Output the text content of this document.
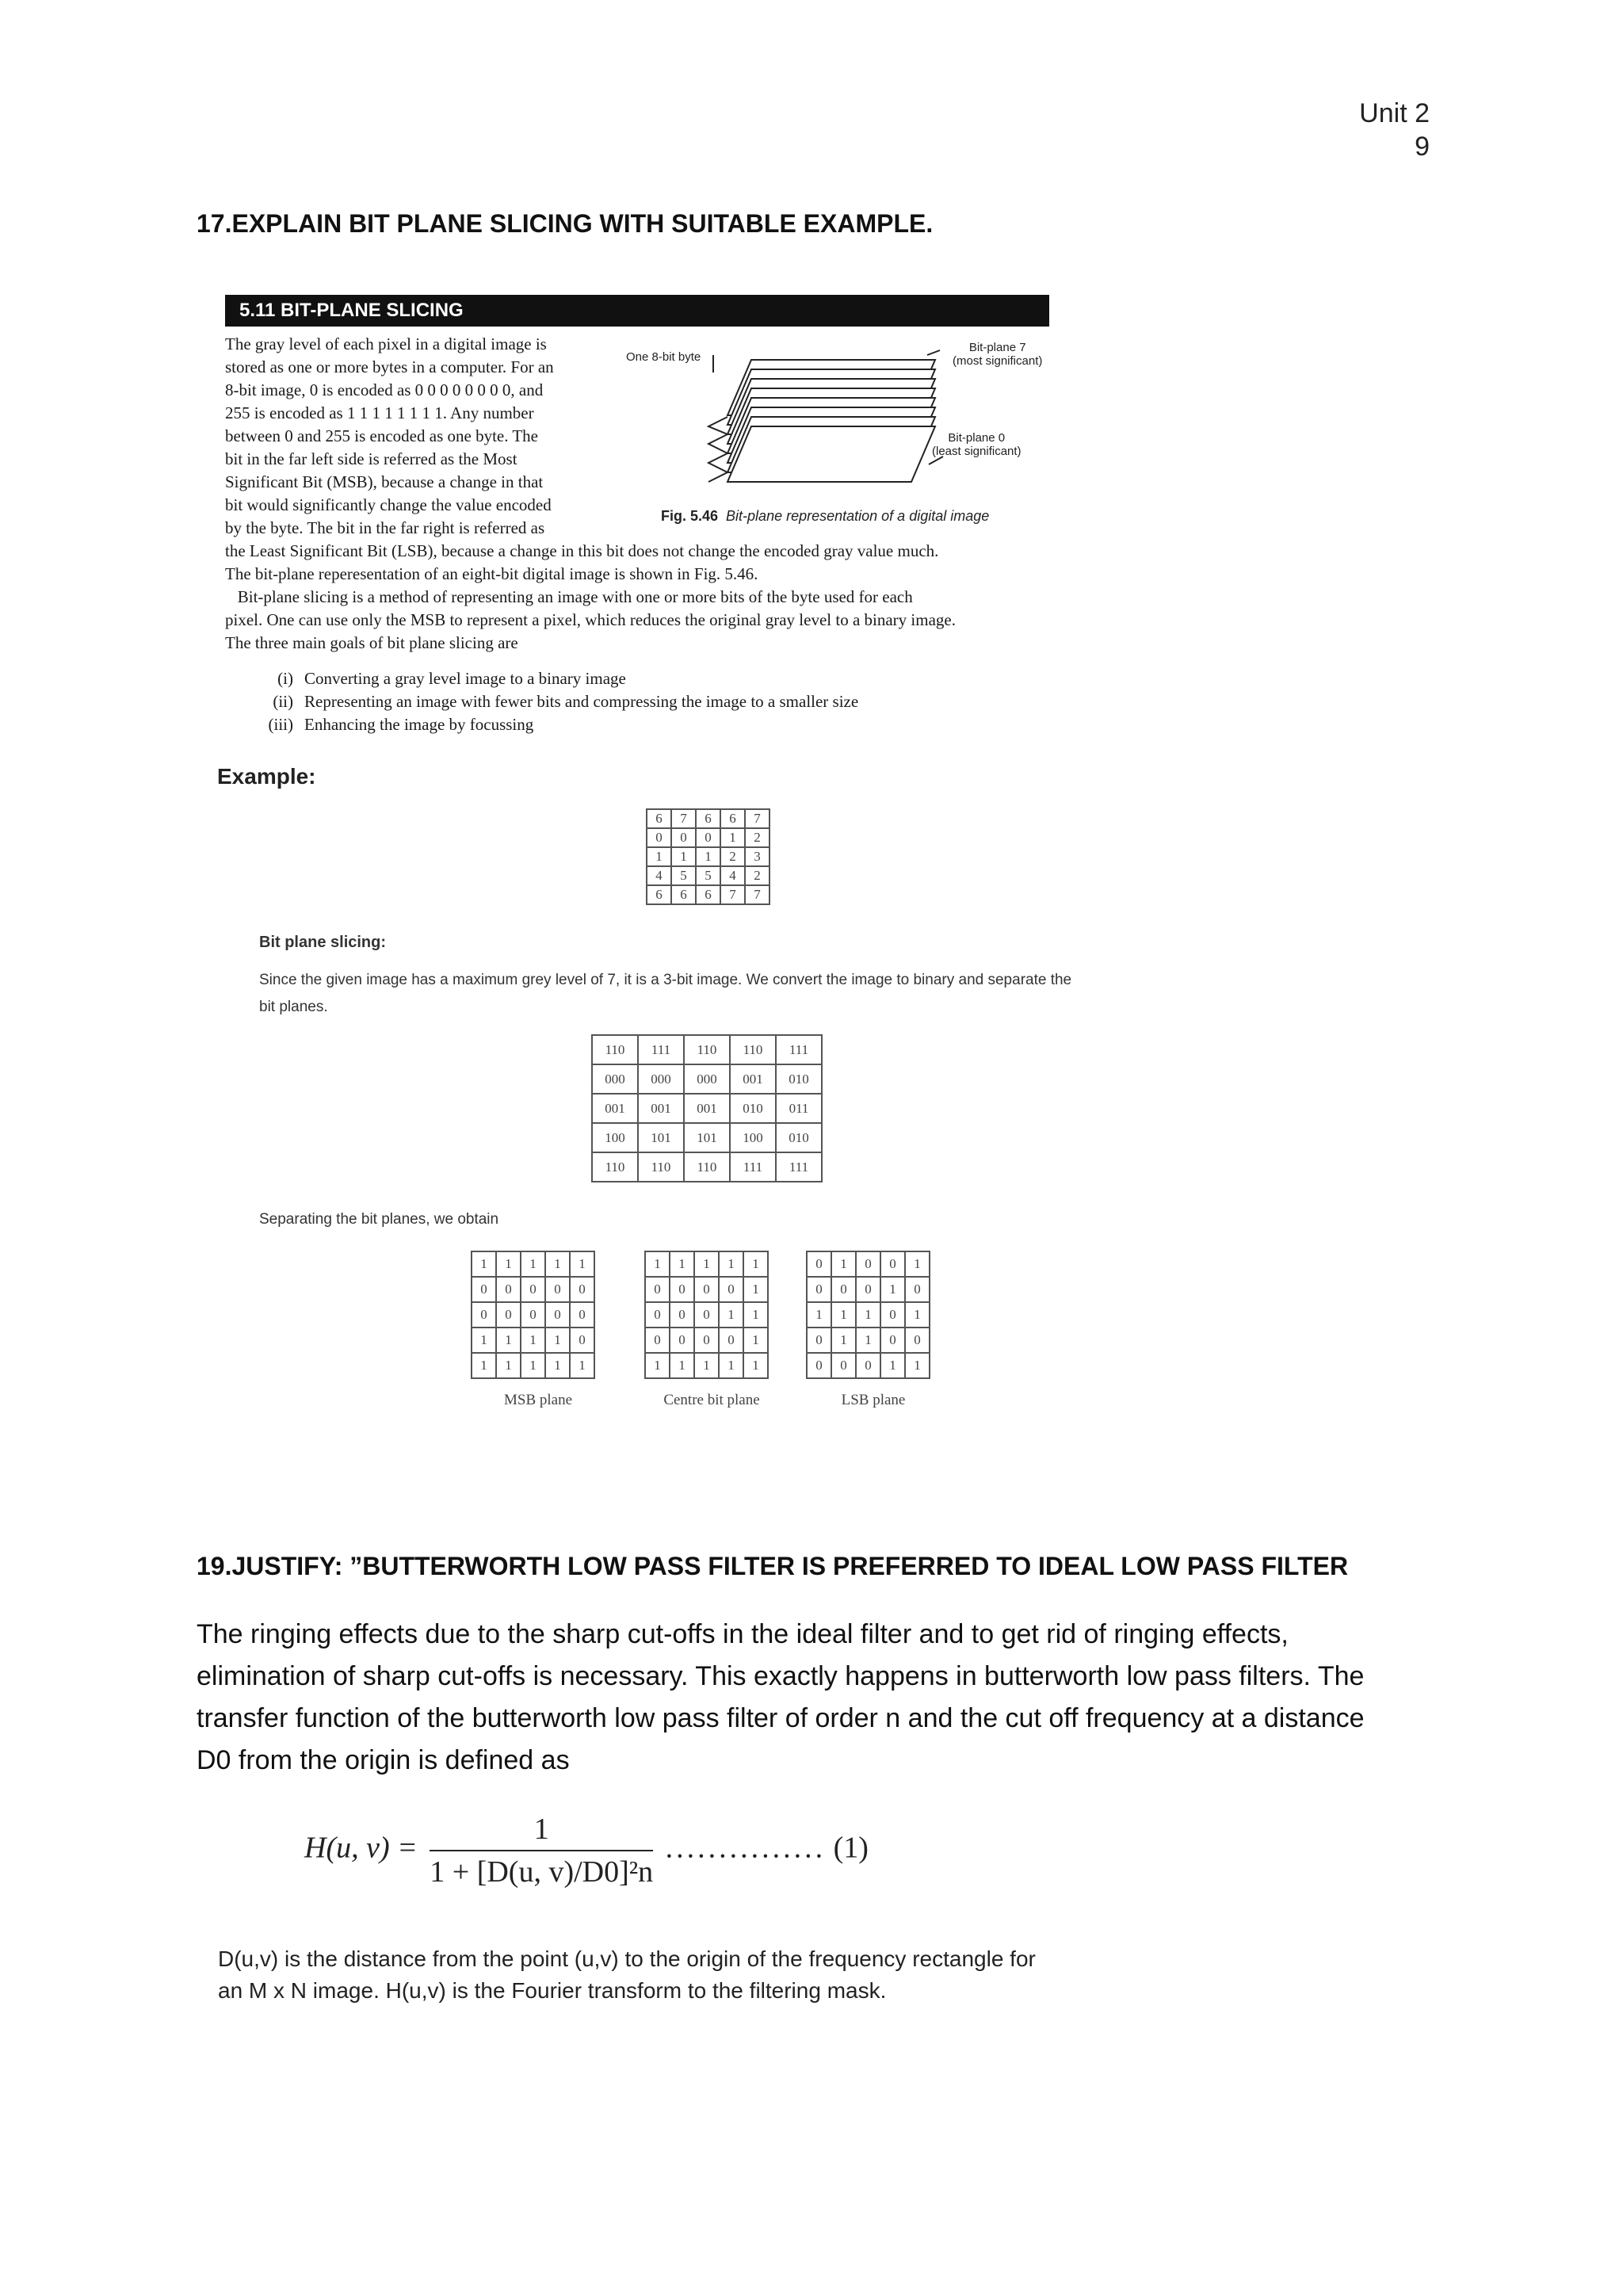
Unit 2
9
17.EXPLAIN BIT PLANE SLICING WITH SUITABLE EXAMPLE.
5.11 BIT-PLANE SLICING
The gray level of each pixel in a digital image is
stored as one or more bytes in a computer. For an
8-bit image, 0 is encoded as 0 0 0 0 0 0 0 0, and
255 is encoded as 1 1 1 1 1 1 1 1. Any number
between 0 and 255 is encoded as one byte. The
bit in the far left side is referred as the Most
Significant Bit (MSB), because a change in that
bit would significantly change the value encoded
by the byte. The bit in the far right is referred as
the Least Significant Bit (LSB), because a change in this bit does not change the encoded gray value much.
The bit-plane reperesentation of an eight-bit digital image is shown in Fig. 5.46.
Bit-plane slicing is a method of representing an image with one or more bits of the byte used for each
pixel. One can use only the MSB to represent a pixel, which reduces the original gray level to a binary image.
The three main goals of bit plane slicing are
(i) Converting a gray level image to a binary image
(ii) Representing an image with fewer bits and compressing the image to a smaller size
(iii) Enhancing the image by focussing
One 8-bit byte
Bit-plane 7
(most significant)
Bit-plane 0
(least significant)
Fig. 5.46 Bit-plane representation of a digital image
Example:
6	7	6	6	7
0	0	0	1	2
1	1	1	2	3
4	5	5	4	2
6	6	6	7	7
Bit plane slicing:
Since the given image has a maximum grey level of 7, it is a 3-bit image. We convert the image to binary and separate the
bit planes.
110	111	110	110	111
000	000	000	001	010
001	001	001	010	011
100	101	101	100	010
110	110	110	111	111
Separating the bit planes, we obtain
1	1	1	1	1
0	0	0	0	0
0	0	0	0	0
1	1	1	1	0
1	1	1	1	1
MSB plane
1	1	1	1	1
0	0	0	0	1
0	0	0	1	1
0	0	0	0	1
1	1	1	1	1
Centre bit plane
0	1	0	0	1
0	0	0	1	0
1	1	1	0	1
0	1	1	0	0
0	0	0	1	1
LSB plane
19.JUSTIFY: ”BUTTERWORTH LOW PASS FILTER IS PREFERRED TO IDEAL LOW PASS FILTER
The ringing effects due to the sharp cut-offs in the ideal filter and to get rid of ringing effects,
elimination of sharp cut-offs is necessary. This exactly happens in butterworth low pass filters. The
transfer function of the butterworth low pass filter of order n and the cut off frequency at a distance
D0 from the origin is defined as
H(u, $v) = \frac{1}{\text{1 + [D(u, v)/D0]²n}}$ ............... (1)
D(u,v) is the distance from the point (u,v) to the origin of the frequency rectangle for
an M x N image. H(u,v) is the Fourier transform to the filtering mask.
